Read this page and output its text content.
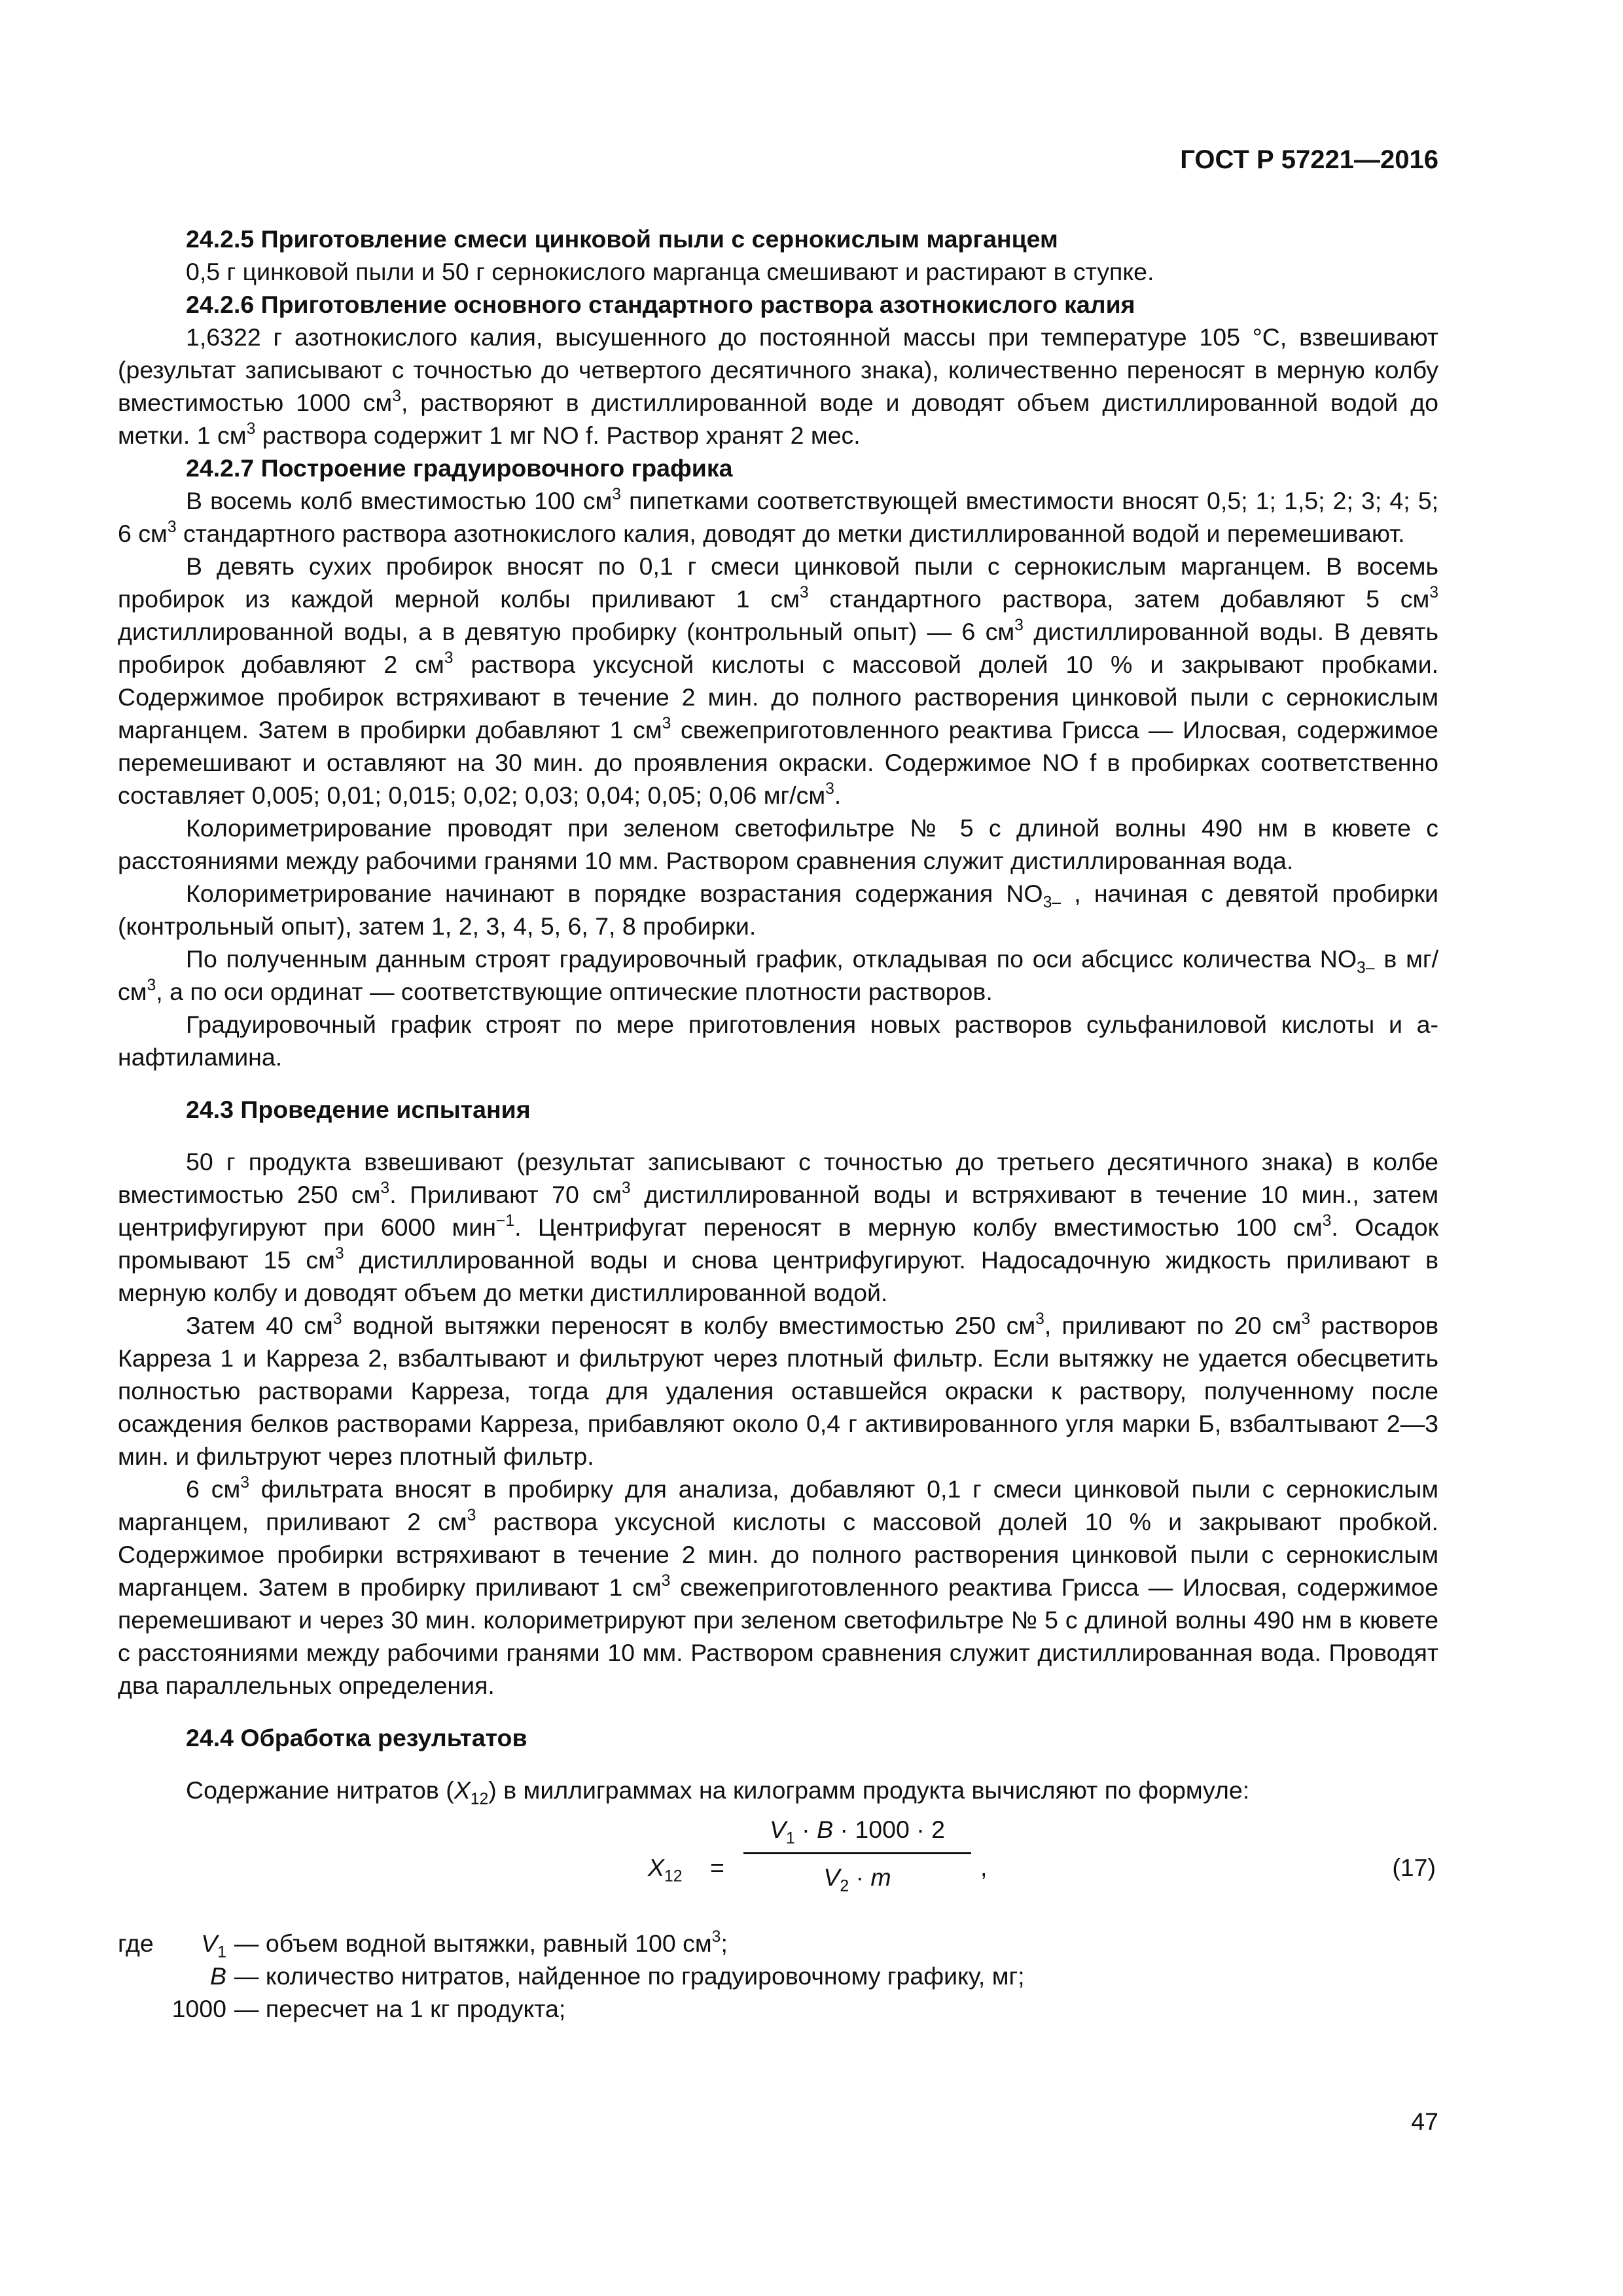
ГОСТ Р 57221—2016

24.2.5 Приготовление смеси цинковой пыли с сернокислым марганцем

0,5 г цинковой пыли и 50 г сернокислого марганца смешивают и растирают в ступке.

24.2.6 Приготовление основного стандартного раствора азотнокислого калия

1,6322 г азотнокислого калия, высушенного до постоянной массы при температуре 105 °С, взвешивают (результат записывают с точностью до четвертого десятичного знака), количественно переносят в мерную колбу вместимостью 1000 $см^3$, растворяют в дистиллированной воде и доводят объем дистиллированной водой до метки. 1 $см^3$ раствора содержит 1 мг NO f. Раствор хранят 2 мес.

24.2.7 Построение градуировочного графика

В восемь колб вместимостью 100 $см^3$ пипетками соответствующей вместимости вносят 0,5; 1; 1,5; 2; 3; 4; 5; 6 $см^3$ стандартного раствора азотнокислого калия, доводят до метки дистиллированной водой и перемешивают.

В девять сухих пробирок вносят по 0,1 г смеси цинковой пыли с сернокислым марганцем. В восемь пробирок из каждой мерной колбы приливают 1 $см^3$ стандартного раствора, затем добавляют 5 $см^3$ дистиллированной воды, а в девятую пробирку (контрольный опыт) — 6 $см^3$ дистиллированной воды. В девять пробирок добавляют 2 $см^3$ раствора уксусной кислоты с массовой долей 10 % и закрывают пробками. Содержимое пробирок встряхивают в течение 2 мин. до полного растворения цинковой пыли с сернокислым марганцем. Затем в пробирки добавляют 1 $см^3$ свежеприготовленного реактива Грисса — Илосвая, содержимое перемешивают и оставляют на 30 мин. до проявления окраски. Содержимое NO f в пробирках соответственно составляет 0,005; 0,01; 0,015; 0,02; 0,03; 0,04; 0,05; 0,06 $мг/см^3$.

Колориметрирование проводят при зеленом светофильтре № 5 с длиной волны 490 нм в кювете с расстояниями между рабочими гранями 10 мм. Раствором сравнения служит дистиллированная вода.

Колориметрирование начинают в порядке возрастания содержания $NO_{3-}$ , начиная с девятой пробирки (контрольный опыт), затем 1, 2, 3, 4, 5, 6, 7, 8 пробирки.

По полученным данным строят градуировочный график, откладывая по оси абсцисс количества $NO_{3-}$ в $мг/см^3$, а по оси ординат — соответствующие оптические плотности растворов.

Градуировочный график строят по мере приготовления новых растворов сульфаниловой кислоты и а-нафтиламина.

24.3 Проведение испытания

50 г продукта взвешивают (результат записывают с точностью до третьего десятичного знака) в колбе вместимостью 250 $см^3$. Приливают 70 $см^3$ дистиллированной воды и встряхивают в течение 10 мин., затем центрифугируют при 6000 мин$^{-1}$. Центрифугат переносят в мерную колбу вместимостью 100 $см^3$. Осадок промывают 15 $см^3$ дистиллированной воды и снова центрифугируют. Надосадочную жидкость приливают в мерную колбу и доводят объем до метки дистиллированной водой.

Затем 40 $см^3$ водной вытяжки переносят в колбу вместимостью 250 $см^3$, приливают по 20 $см^3$ растворов Карреза 1 и Карреза 2, взбалтывают и фильтруют через плотный фильтр. Если вытяжку не удается обесцветить полностью растворами Карреза, тогда для удаления оставшейся окраски к раствору, полученному после осаждения белков растворами Карреза, прибавляют около 0,4 г активированного угля марки Б, взбалтывают 2—3 мин. и фильтруют через плотный фильтр.

6 $см^3$ фильтрата вносят в пробирку для анализа, добавляют 0,1 г смеси цинковой пыли с сернокислым марганцем, приливают 2 $см^3$ раствора уксусной кислоты с массовой долей 10 % и закрывают пробкой. Содержимое пробирки встряхивают в течение 2 мин. до полного растворения цинковой пыли с сернокислым марганцем. Затем в пробирку приливают 1 $см^3$ свежеприготовленного реактива Грисса — Илосвая, содержимое перемешивают и через 30 мин. колориметрируют при зеленом светофильтре № 5 с длиной волны 490 нм в кювете с расстояниями между рабочими гранями 10 мм. Раствором сравнения служит дистиллированная вода. Проводят два параллельных определения.

24.4 Обработка результатов

Содержание нитратов $(X_{12})$ в миллиграммах на килограмм продукта вычисляют по формуле:

$X_{12}$ =
$V_1 \cdot B \cdot 1000 \cdot 2$
$V_2 \cdot m$	,	(17)
где	$V_1$ — объем водной вытяжки, равный 100 $см^3$;
B — количество нитратов, найденное по градуировочному графику, мг;
1000 — пересчет на 1 кг продукта;
47
